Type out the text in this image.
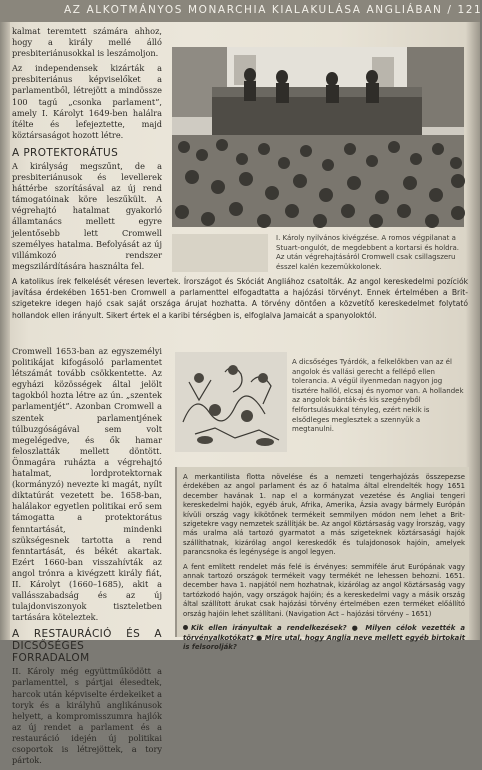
AZ ALKOTMÁNYOS MONARCHIA KIALAKULÁSA ANGLIÁBAN / 121

kalmat teremtett számára ahhoz, hogy a király mellé álló presbiteriánusokkal is leszámoljon.

Az independensek kizárták a presbiteriánus képviselőket a parlamentből, létrejött a mindössze 100 tagú „csonka parlament”, amely I. Károlyt 1649-ben halálra ítélte és lefejeztette, majd köztársaságot hozott létre.

A PROTEKTORÁTUS

A királyság megszűnt, de a presbiteriánusok és levellerek háttérbe szorításával az új rend támogatóinak köre leszűkült. A végrehajtó hatalmat gyakorló államtanács mellett egyre jelentősebb lett Cromwell személyes hatalma. Befolyását az új villámkozó rendszer megszilárdítására használta fel.

I. Károly nyilvános kivégzése. A romos végpilanat a Stuart-ongulót, de megdebbent a kortarsi és holdra. Az után végrehajtásáról Cromwell csak csillagszeru ésszel kalén kezemükkolonek.

A katolikus írek felkelését véresen levertek. Írországot és Skóciát Angliához csatolták. Az angol kereskedelmi pozíciók javítása érdekében 1651-ben Cromwell a parlamenttel elfogadtatta a hajózási törvényt. Ennek értelmében a Brit-szigetekre idegen hajó csak saját országa árujat hozhatta. A törvény döntően a közvetítő kereskedelmet folytató hollandok ellen irányult. Sikert értek el a karibi térségben is, elfoglalva Jamaicát a spanyoloktól.

Cromwell 1653-ban az egyszemélyi politikájat kifogásoló parlamentet létszámát tovább csökkentette. Az egyházi közösségek által jelölt tagokból hozta létre az ún. „szentek parlamentjét”. Azonban Cromwell a szentek parlamentjének túlbuzgóságával sem volt megelégedve, és ők hamar feloszlatták mellett döntött. Önmagára ruházta a végrehajtó hatalmat, lordprotektornak (kormányzó) nevezte ki magát, nyílt diktatúrát vezetett be. 1658-ban, halálakor egyetlen politikai erő sem támogatta a protektorátus fenntartását, mindenki szükségesnek tartotta a rend fenntartását, és békét akartak. Ezért 1660-ban visszahívták az angol trónra a kivégzett király fiát, II. Károlyt (1660–1685), akit a vallásszabadság és az új tulajdonviszonyok tiszteletben tartására köteleztek.

A RESTAURÁCIÓ ÉS A DICSŐSÉGES FORRADALOM

II. Károly még együttműködött a parlamenttel, s pártjai élesedtek, harcok után képviselte érdekeiket a toryk és a királyhű anglikánusok helyett, a kompromisszumra hajlók az új rendet a parlament és a restauráció idején új politikai csoportok is létrejöttek, a tory pártok.

A dicsőséges Tyárdók, a felkelőkben van az él angolok és vallási gerecht a fellépő ellen tolerancia. A végül ilyenmedan nagyon jog tisztére hallól, elcsaj és nyomor van. A hollandek az angolok bánták-és kis szegényből felfortsulásukkal tényleg, ezért nekik is elsődleges meglesztek a szennyük a megtanulni.

A merkantilista flotta növelése és a nemzeti tengerhajózás összepezse érdekében az angol parlament és az ő hatalma által elrendelték hogy 1651 december havának 1. nap el a kormányzat vezetése és Angliai tengeri kereskedelmi hajók, egyéb áruk, Afrika, Amerika, Ázsia avagy bármely Európán kívüli ország vagy kikötőnek termékeit semmilyen módon nem lehet a Brit-szigetekre vagy nemzetek szállítják be. Az angol Köztársaság vagy Írország, vagy más uralma alá tartozó gyarmatot a más szigeteknek köztársasági hajók szállíthatnak, kizárólag angol kereskedők és tulajdonosok hajóin, amelyek parancsnoka és legénysége is angol legyen.

A fent említett rendelet más felé is érvényes: semmiféle árut Európának vagy annak tartozó országok termékeit vagy termékét ne lehessen behozni. 1651. december hava 1. napjától nem hozhatnak, kizárólag az angol Köztársaság vagy tartózkodó hajón, vagy országok hajóin; és a kereskedelmi vagy a másik ország által szállított árukat csak hajózási törvény értelmében ezen terméket előállító ország hajóin lehet szállítani. (Navigation Act – hajózási törvény – 1651)

Kik ellen irányultak a rendelkezések? ● Milyen célok vezették a törvényalkotókat? ● Mire utal, hogy Anglia neve mellett egyéb birtokait is felsorolják?
